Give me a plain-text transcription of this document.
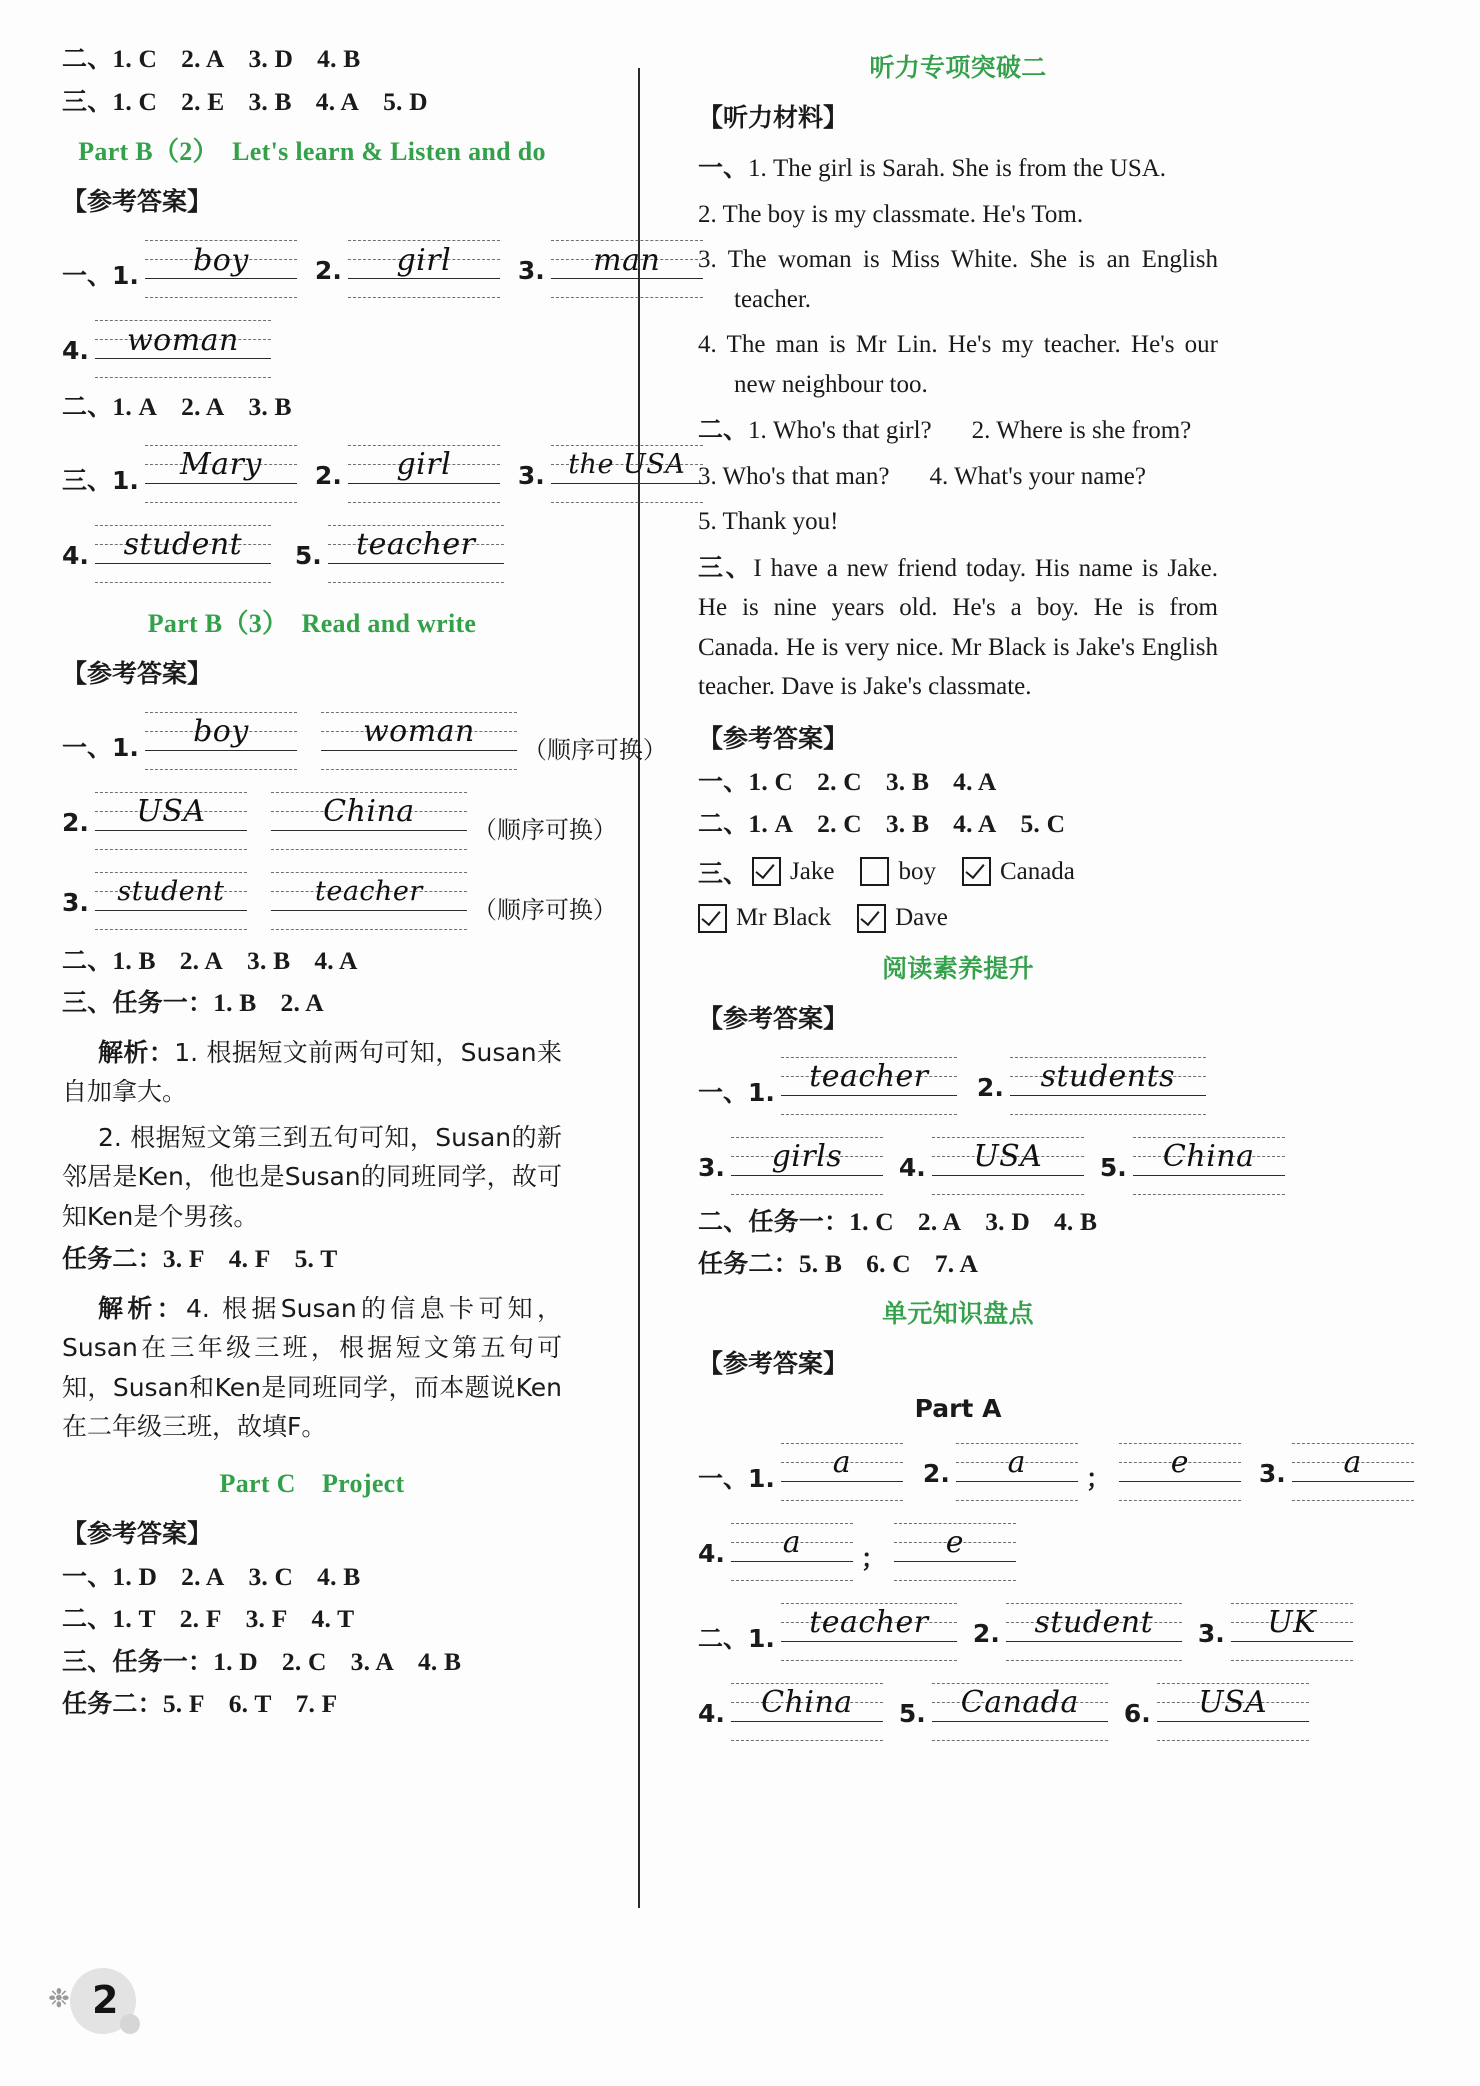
二、1. C 2. A 3. D 4. B
三、1. C 2. E 3. B 4. A 5. D
Part B（2）　Let's learn & Listen and do
【参考答案】
一、1.	boy	2.	girl	3.	man
4.	woman
二、1. A 2. A 3. B
三、1.	Mary	2.	girl	3. the USA
4.	student	5.	teacher
Part B（3）　Read and write
【参考答案】
一、1.	boy	woman
（顺序可换）
2.	USA	China
（顺序可换）
3.	student	teacher
（顺序可换）
二、1. B 2. A 3. B 4. A
三、任务一：1. B 2. A
解析：1. 根据短文前两句可知，Susan来自加拿大。
2. 根据短文第三到五句可知，Susan的新邻居是Ken，他也是Susan的同班同学，故可知Ken是个男孩。
任务二：3. F 4. F 5. T
解析：4. 根据Susan的信息卡可知，Susan在三年级三班，根据短文第五句可知，Susan和Ken是同班同学，而本题说Ken在二年级三班，故填F。
Part C　Project
【参考答案】
一、1. D 2. A 3. C 4. B
二、1. T 2. F 3. F 4. T
三、任务一：1. D 2. C 3. A 4. B
任务二：5. F 6. T 7. F
听力专项突破二
【听力材料】
一、1. The girl is Sarah. She is from the USA.
2. The boy is my classmate. He's Tom.
3. The woman is Miss White. She is an English teacher.
4. The man is Mr Lin. He's my teacher. He's our new neighbour too.
二、1. Who's that girl? 2. Where is she from?
3. Who's that man? 4. What's your name?
5. Thank you!
三、I have a new friend today. His name is Jake. He is nine years old. He's a boy. He is from Canada. He is very nice. Mr Black is Jake's English teacher. Dave is Jake's classmate.
【参考答案】
一、1. C 2. C 3. B 4. A
二、1. A 2. C 3. B 4. A 5. C
三、 Jake	boy	Canada
Mr Black	Dave
阅读素养提升
【参考答案】
一、1.	teacher	2.	students
3.	girls	4.	USA	5.	China
二、任务一：1. C 2. A 3. D 4. B
任务二：5. B 6. C 7. A
单元知识盘点
【参考答案】
Part A
一、1.	a	2.	a	；	e	3.	a
4.	a	；	e
二、1.	teacher	2.	student	3.	UK
4.	China	5.	Canada	6.	USA
❉ 2
